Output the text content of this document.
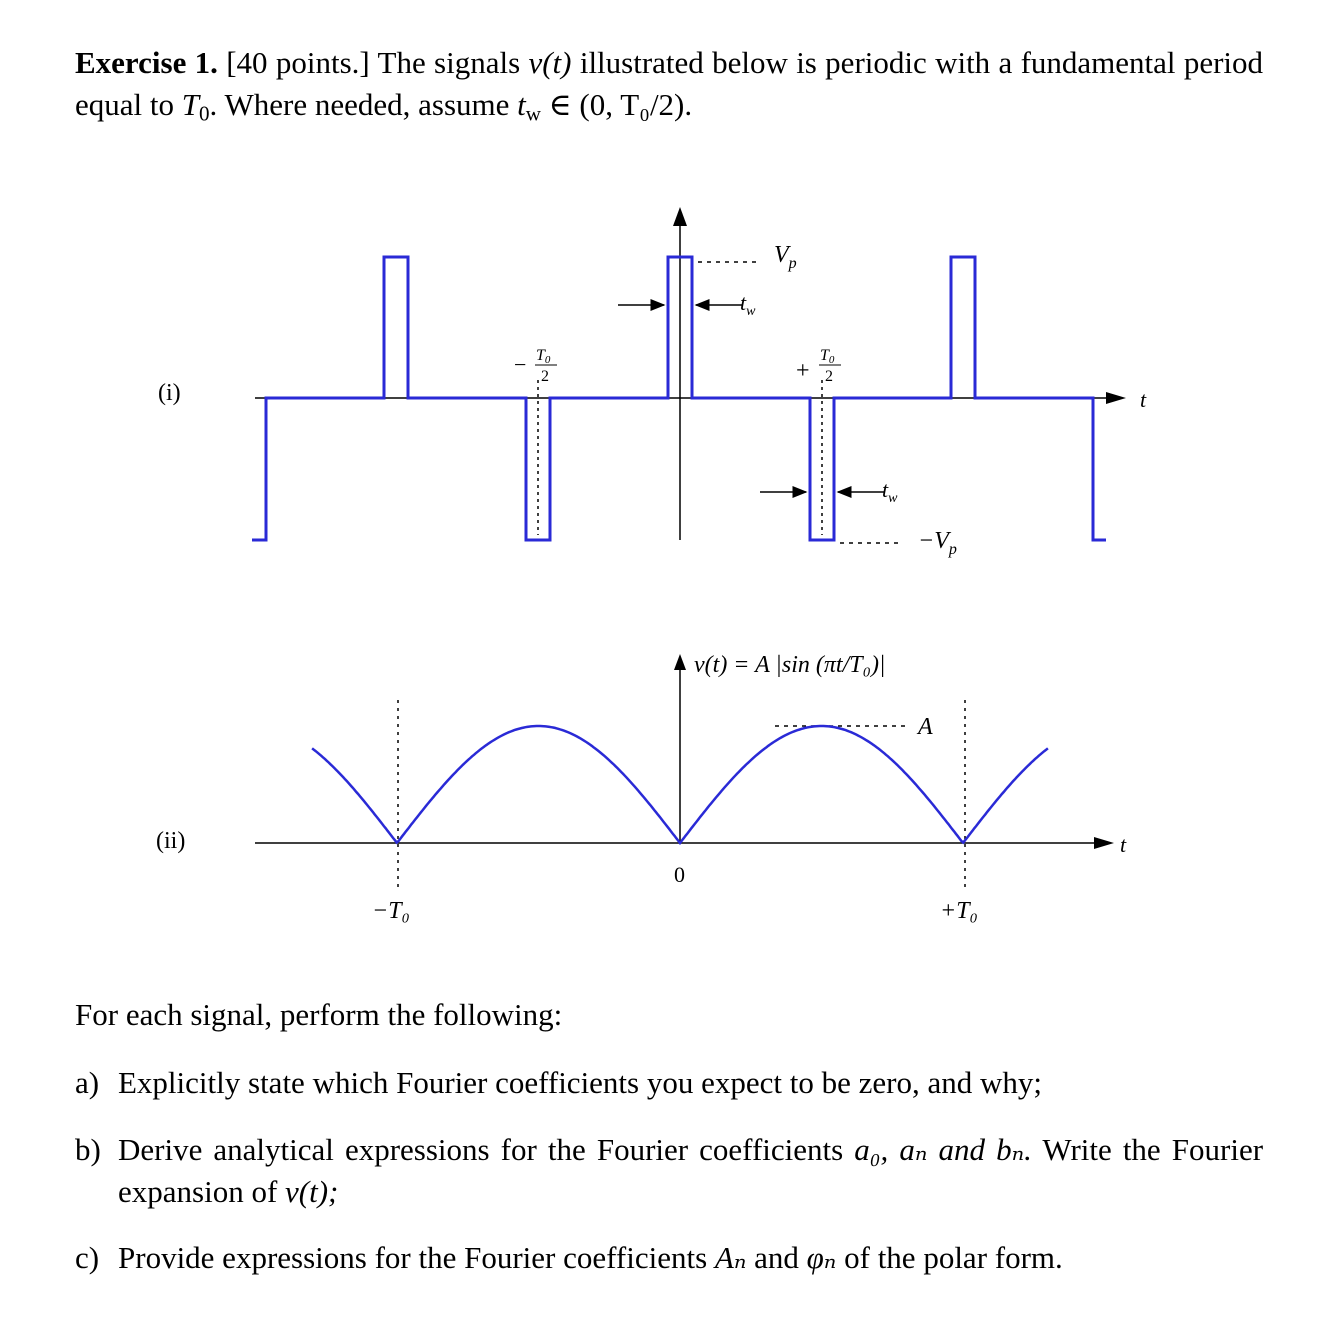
Exercise 1. [40 points.] The signals v(t) illustrated below is periodic with a fundamental period equal to $T_0$. Where needed, assume $t_w$ ∈ (0, T₀/2).
(i)	t
$V_p$
$-V_p$
$t_w$
$t_w$
− T0
2	+
T0
2
(ii)
v(t) = A |sin (πt/T₀)|
t
A
0
−T₀	+T₀
For each signal, perform the following:
a) Explicitly state which Fourier coefficients you expect to be zero, and why;
b) Derive analytical expressions for the Fourier coefficients a₀, aₙ and bₙ. Write the Fourier expansion of v(t);
c) Provide expressions for the Fourier coefficients Aₙ and φₙ of the polar form.
